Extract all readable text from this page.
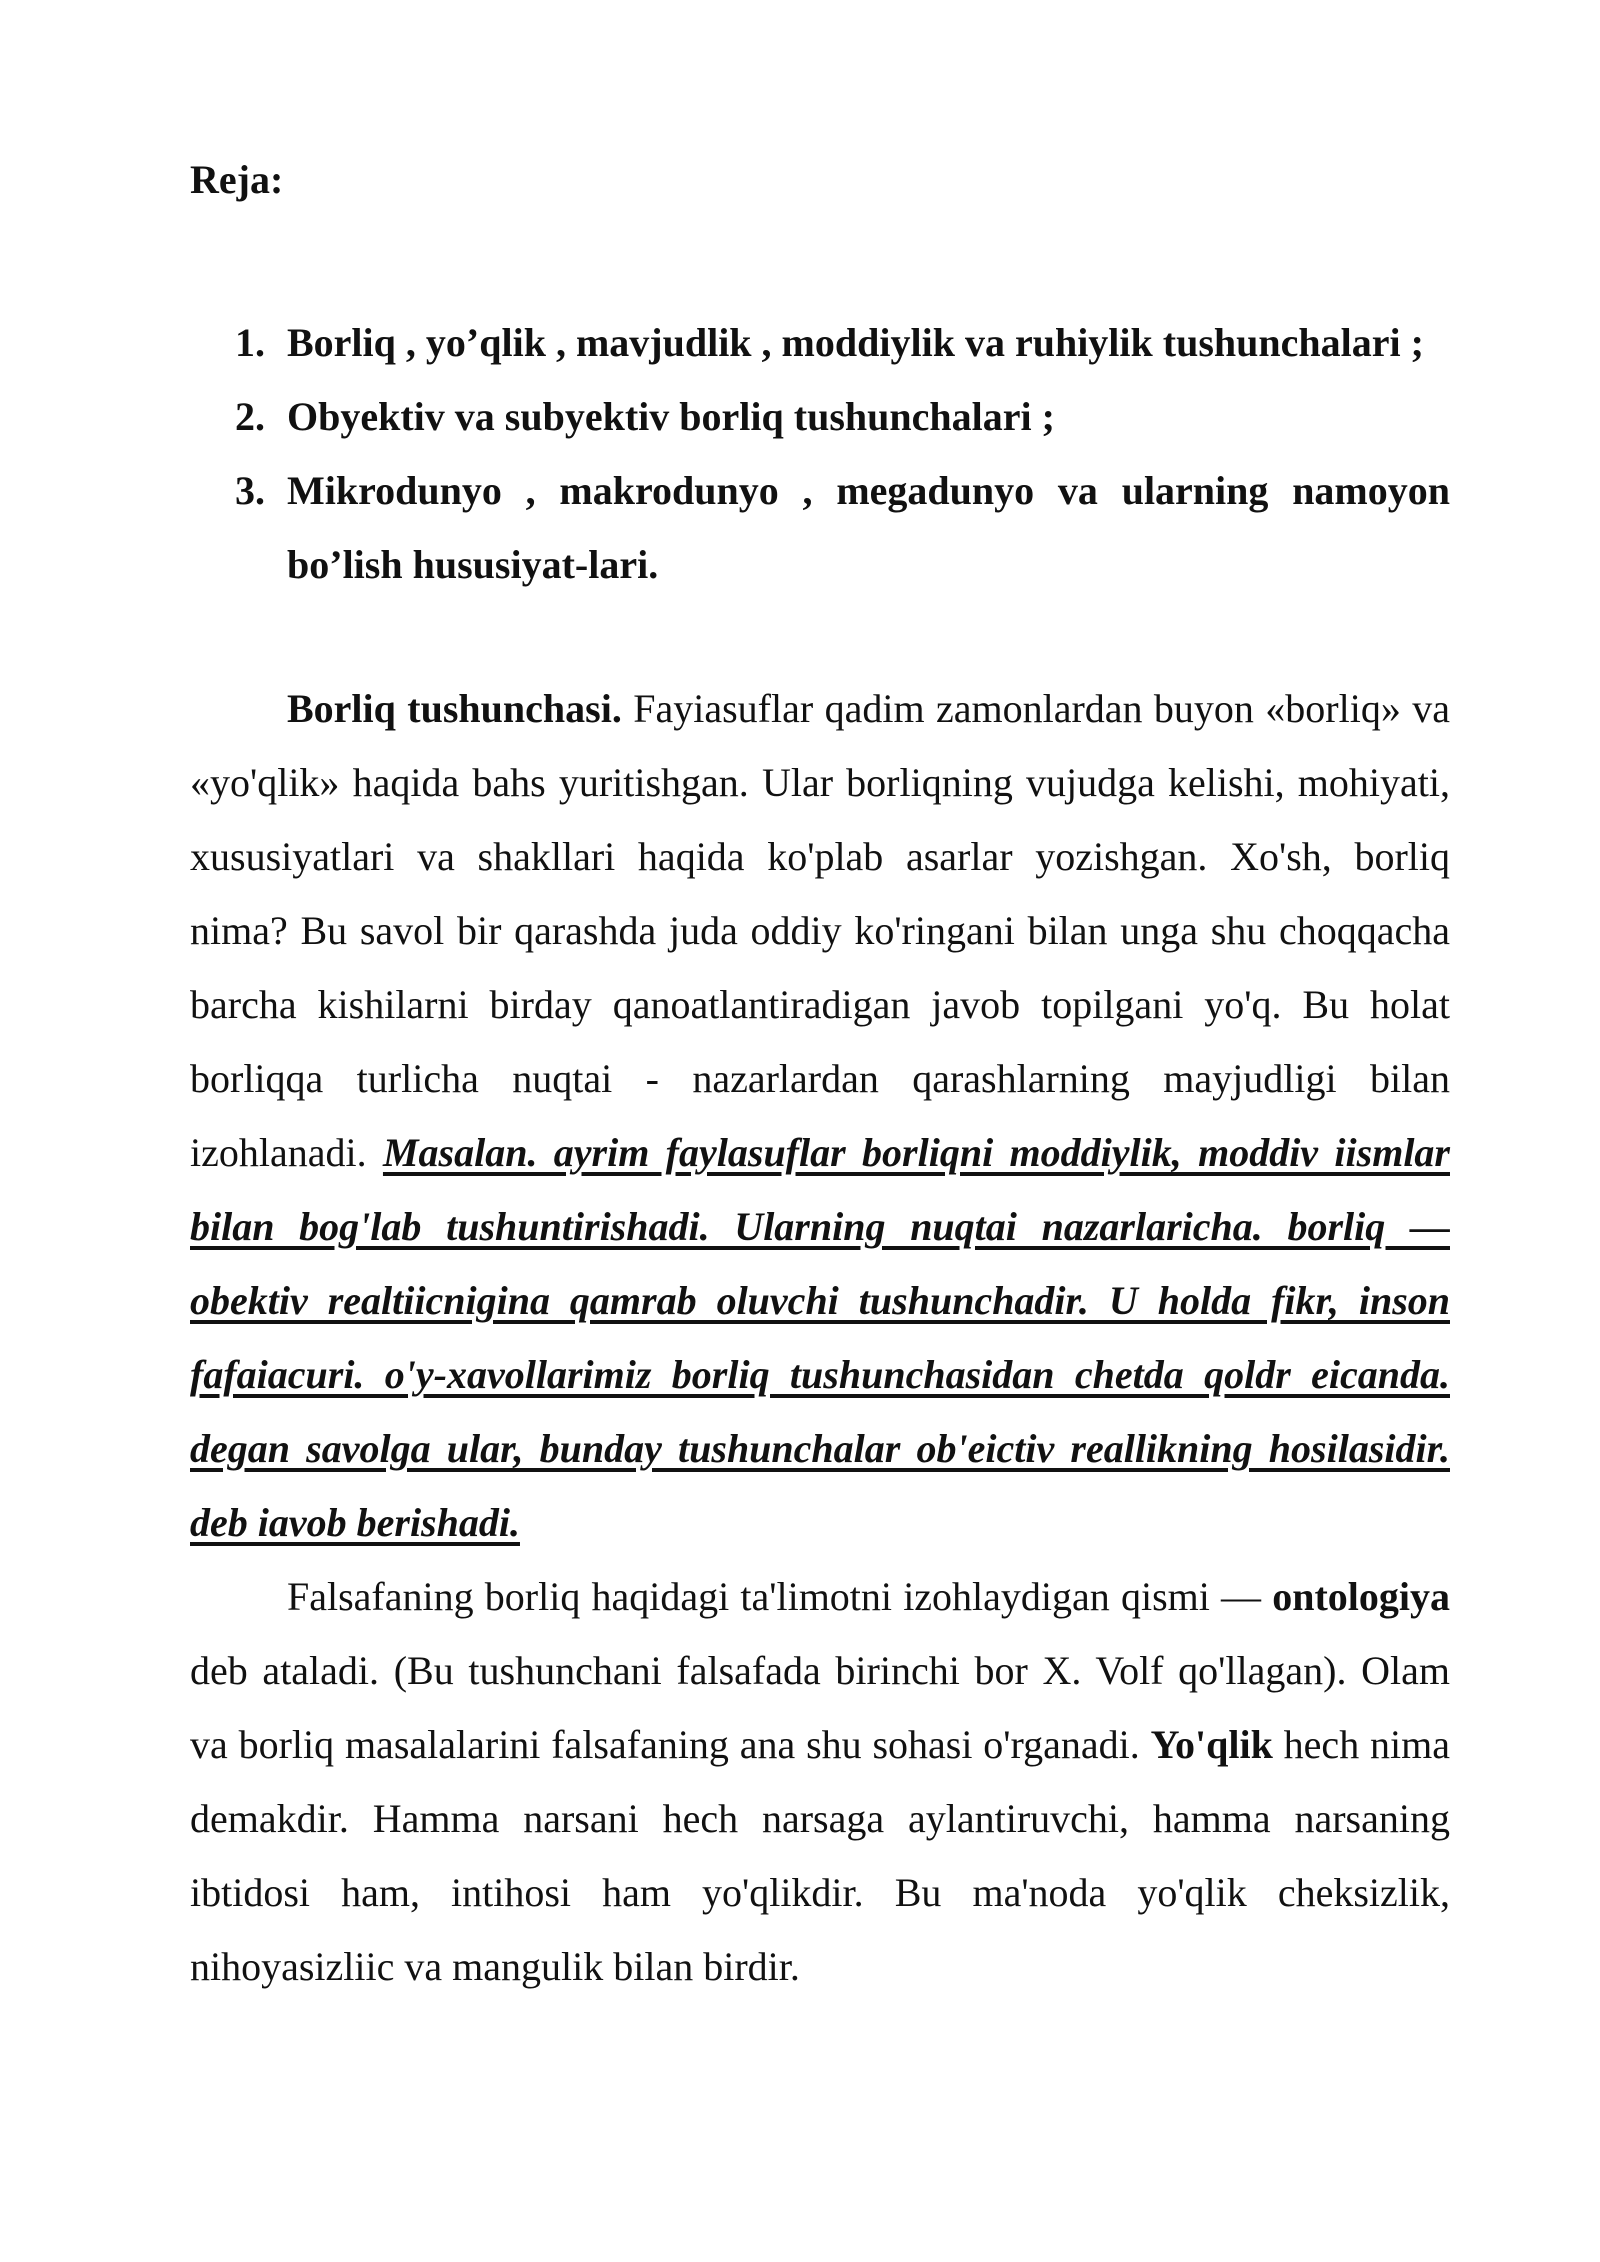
Reja:
1. Borliq , yo’qlik , mavjudlik , moddiylik va ruhiylik tushunchalari ;
2. Obyektiv va subyektiv borliq tushunchalari ;
3. Mikrodunyo , makrodunyo , megadunyo va ularning namoyon bo’lish hususiyat-lari.

Borliq tushunchasi. Fayiasuflar qadim zamonlardan buyon «borliq» va «yo'qlik» haqida bahs yuritishgan. Ular borliqning vujudga kelishi, mohiyati, xususiyatlari va shakllari haqida ko'plab asarlar yozishgan. Xo'sh, borliq nima? Bu savol bir qarashda juda oddiy ko'ringani bilan unga shu choqqacha barcha kishilarni birday qanoatlantiradigan javob topilgani yo'q. Bu holat borliqqa turlicha nuqtai - nazarlardan qarashlarning mayjudligi bilan izohlanadi. Masalan. ayrim faylasuflar borliqni moddiylik, moddiv iismlar bilan bog'lab tushuntirishadi. Ularning nuqtai nazarlaricha. borliq — obektiv realtiicnigina qamrab oluvchi tushunchadir. U holda fikr, inson fafaiacuri. o'y-xavollarimiz borliq tushunchasidan chetda qoldr eicanda. degan savolga ular, bunday tushunchalar ob'eictiv reallikning hosilasidir. deb iavob berishadi.

Falsafaning borliq haqidagi ta'limotni izohlaydigan qismi — ontologiya deb ataladi. (Bu tushunchani falsafada birinchi bor X. Volf qo'llagan). Olam va borliq masalalarini falsafaning ana shu sohasi o'rganadi. Yo'qlik hech nima demakdir. Hamma narsani hech narsaga aylantiruvchi, hamma narsaning ibtidosi ham, intihosi ham yo'qlikdir. Bu ma'noda yo'qlik cheksizlik, nihoyasizliic va mangulik bilan birdir.
